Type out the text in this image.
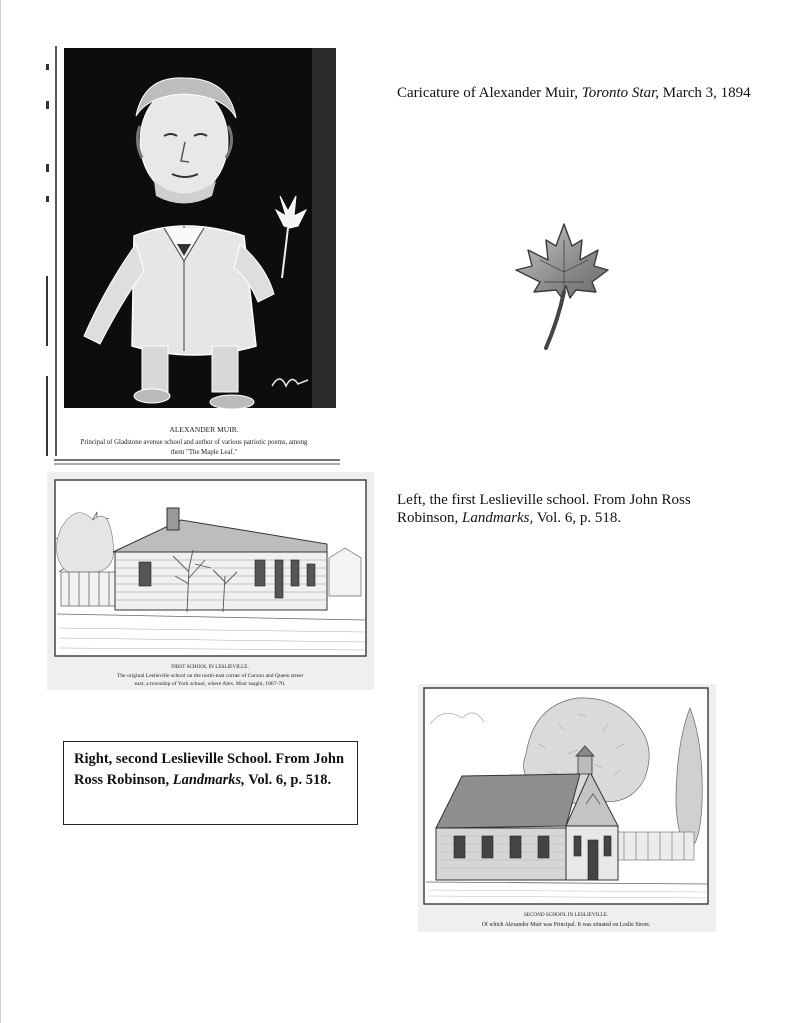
ALEXANDER MUIR.
Principal of Gladstone avenue school and author of various patriotic poems, among
them "The Maple Leaf."
Caricature of Alexander Muir, Toronto Star, March 3, 1894
FIRST SCHOOL IN LESLIEVILLE.
The original Leslieville school on the north-east corner of Curzon and Queen street
east, a township of York school, where Alex. Muir taught, 1867-70.
Left, the first Leslieville school. From John Ross Robinson, Landmarks, Vol. 6, p. 518.
Right, second Leslieville School. From John Ross Robinson, Landmarks, Vol. 6, p. 518.
SECOND SCHOOL IN LESLIEVILLE.
Of which Alexander Muir was Principal. It was situated on Leslie Street.
